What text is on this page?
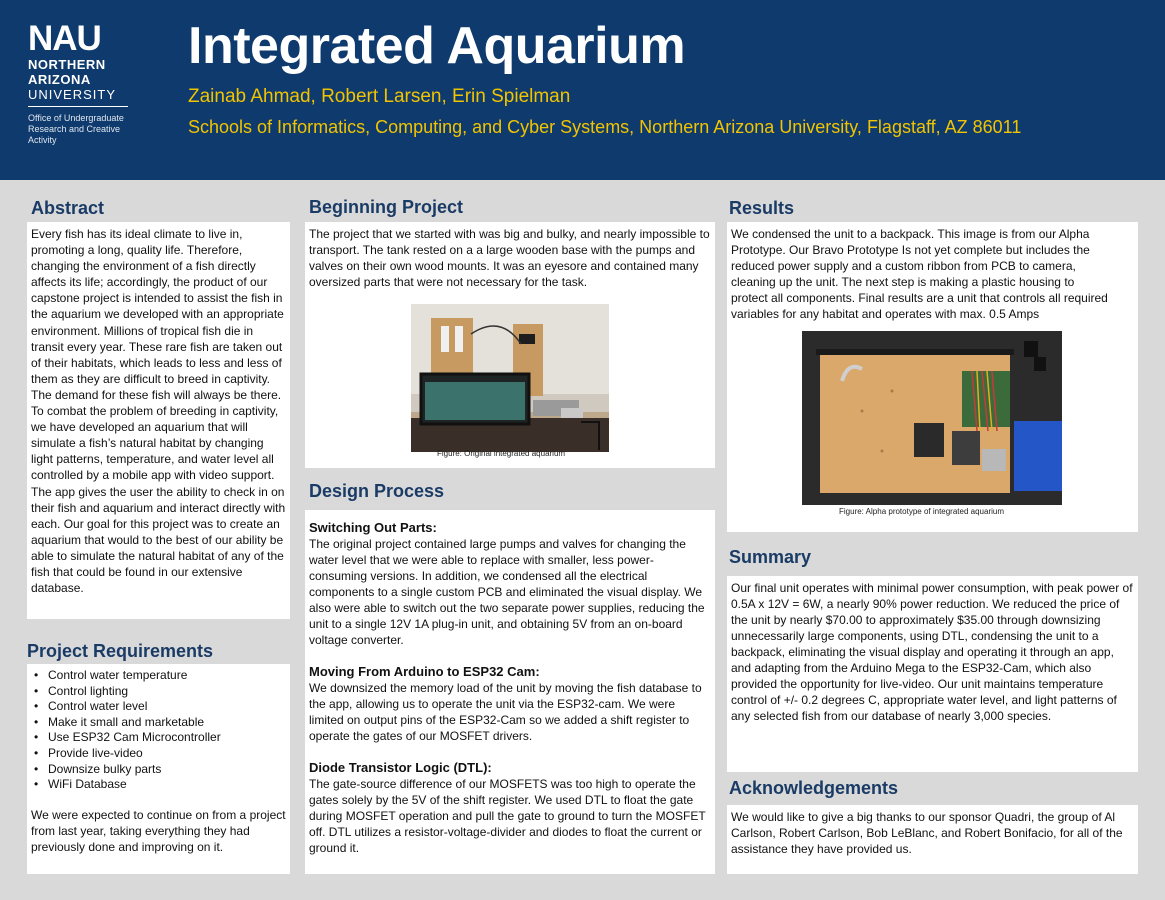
NAU
NORTHERN
ARIZONA
UNIVERSITY
Office of Undergraduate
Research and Creative
Activity
Integrated Aquarium
Zainab Ahmad, Robert Larsen, Erin Spielman
Schools of Informatics, Computing, and Cyber Systems, Northern Arizona University, Flagstaff, AZ 86011
Abstract
Every fish has its ideal climate to live in, promoting a long, quality life. Therefore, changing the environment of a fish directly affects its life; accordingly, the product of our capstone project is intended to assist the fish in the aquarium we developed with an appropriate environment. Millions of tropical fish die in transit every year. These rare fish are taken out of their habitats, which leads to less and less of them as they are difficult to breed in captivity. The demand for these fish will always be there. To combat the problem of breeding in captivity, we have developed an aquarium that will simulate a fish’s natural habitat by changing light patterns, temperature, and water level all controlled by a mobile app with video support. The app gives the user the ability to check in on their fish and aquarium and interact directly with each. Our goal for this project was to create an aquarium that would to the best of our ability be able to simulate the natural habitat of any of the fish that could be found in our extensive database.
Project Requirements
• Control water temperature
• Control lighting
• Control water level
• Make it small and marketable
• Use ESP32 Cam Microcontroller
• Provide live-video
• Downsize bulky parts
• WiFi Database
We were expected to continue on from a project from last year, taking everything they had previously done and improving on it.
Beginning Project
The project that we started with was big and bulky, and nearly impossible to transport. The tank rested on a a large wooden base with the pumps and valves on their own wood mounts. It was an eyesore and contained many oversized parts that were not necessary for the task.
Figure: Original integrated aquarium
Design Process
Switching Out Parts:
The original project contained large pumps and valves for changing the water level that we were able to replace with smaller, less power-consuming versions. In addition, we condensed all the electrical components to a single custom PCB and eliminated the visual display. We also were able to switch out the two separate power supplies, reducing the unit to a single 12V 1A plug-in unit, and obtaining 5V from an on-board voltage converter.
Moving From Arduino to ESP32 Cam:
We downsized the memory load of the unit by moving the fish database to the app, allowing us to operate the unit via the ESP32-cam. We were limited on output pins of the ESP32-Cam so we added a shift register to operate the gates of our MOSFET drivers.
Diode Transistor Logic (DTL):
The gate-source difference of our MOSFETS was too high to operate the gates solely by the 5V of the shift register. We used DTL to float the gate during MOSFET operation and pull the gate to ground to turn the MOSFET off. DTL utilizes a resistor-voltage-divider and diodes to float the current or ground it.
Results
We condensed the unit to a backpack. This image is from our Alpha Prototype. Our Bravo Prototype Is not yet complete but includes the reduced power supply and a custom ribbon from PCB to camera, cleaning up the unit. The next step is making a plastic housing to protect all components. Final results are a unit that controls all required variables for any habitat and operates with max. 0.5 Amps
Figure: Alpha prototype of integrated aquarium
Summary
Our final unit operates with minimal power consumption, with peak power of 0.5A x 12V = 6W, a nearly 90% power reduction. We reduced the price of the unit by nearly $70.00 to approximately $35.00 through downsizing unnecessarily large components, using DTL, condensing the unit to a backpack, eliminating the visual display and operating it through an app, and adapting from the Arduino Mega to the ESP32-Cam, which also provided the opportunity for live-video. Our unit maintains temperature control of +/- 0.2 degrees C, appropriate water level, and light patterns of any selected fish from our database of nearly 3,000 species.
Acknowledgements
We would like to give a big thanks to our sponsor Quadri, the group of Al Carlson, Robert Carlson, Bob LeBlanc, and Robert Bonifacio, for all of the assistance they have provided us.
